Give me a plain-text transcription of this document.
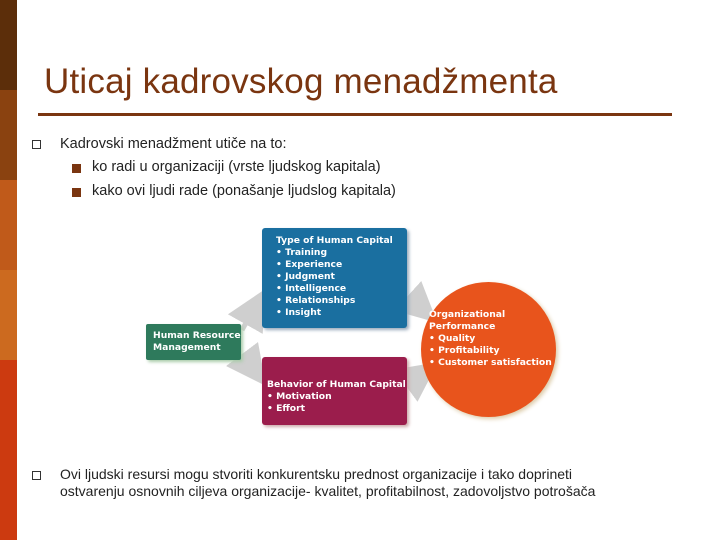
Uticaj kadrovskog menadžmenta
Kadrovski menadžment utiče na to:
ko radi u organizaciji (vrste ljudskog kapitala)
kako ovi ljudi rade (ponašanje ljudslog kapitala)
Type of Human Capital
• Training
• Experience
• Judgment
• Intelligence
• Relationships
• Insight
Human Resource
Management
Behavior of Human Capital
• Motivation
• Effort
Organizational
Performance
• Quality
• Profitability
• Customer satisfaction
Ovi ljudski resursi mogu stvoriti konkurentsku prednost organizacije i tako doprineti
ostvarenju osnovnih ciljeva organizacije- kvalitet, profitabilnost, zadovoljstvo potrošača
